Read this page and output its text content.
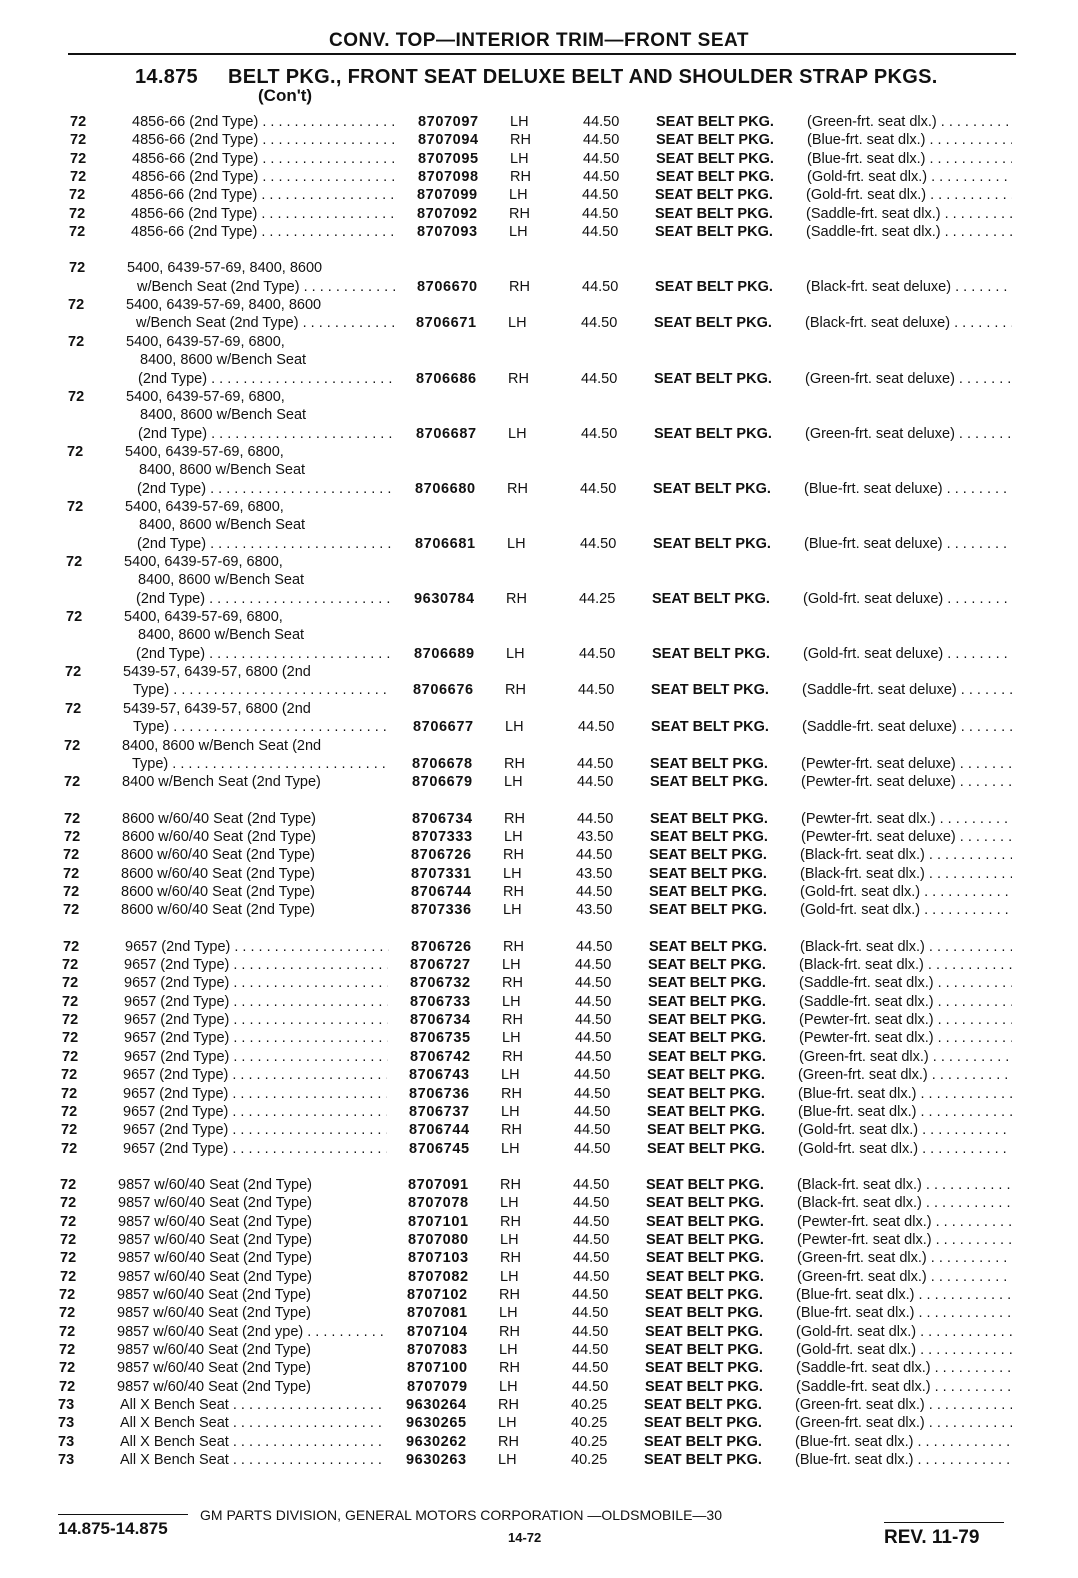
CONV. TOP—INTERIOR TRIM—FRONT SEAT
14.875 BELT PKG., FRONT SEAT DELUXE BELT AND SHOULDER STRAP PKGS.
(Con't)
72	4856-66 (2nd Type) . . .	8707097 LH	44.50	SEAT BELT PKG. (Green-frt. seat dlx.) . . .
72	4856-66 (2nd Type) . . .	8707094 RH	44.50	SEAT BELT PKG. (Blue-frt. seat dlx.) . . .
72	4856-66 (2nd Type) . . .	8707095 LH	44.50	SEAT BELT PKG. (Blue-frt. seat dlx.) . . .
72	4856-66 (2nd Type) . . .	8707098 RH	44.50	SEAT BELT PKG. (Gold-frt. seat dlx.) . . .
72	4856-66 (2nd Type) . . .	8707099 LH	44.50	SEAT BELT PKG. (Gold-frt. seat dlx.) . . .
72	4856-66 (2nd Type) . . .	8707092 RH	44.50	SEAT BELT PKG. (Saddle-frt. seat dlx.) . . .
72	4856-66 (2nd Type) . . .	8707093 LH	44.50	SEAT BELT PKG. (Saddle-frt. seat dlx.) . . .
72	5400, 6439-57-69, 8400, 8600
w/Bench Seat (2nd Type) . . .	8706670 RH	44.50	SEAT BELT PKG. (Black-frt. seat deluxe) . . .
72	5400, 6439-57-69, 8400, 8600
w/Bench Seat (2nd Type) . . .	8706671 LH	44.50	SEAT BELT PKG. (Black-frt. seat deluxe) . . .
72	5400, 6439-57-69, 6800,
8400, 8600 w/Bench Seat
(2nd Type) . . .	8706686 RH	44.50	SEAT BELT PKG. (Green-frt. seat deluxe) . . .
72	5400, 6439-57-69, 6800,
8400, 8600 w/Bench Seat
(2nd Type) . . .	8706687 LH	44.50	SEAT BELT PKG. (Green-frt. seat deluxe) . . .
72	5400, 6439-57-69, 6800,
8400, 8600 w/Bench Seat
(2nd Type) . . .	8706680 RH	44.50	SEAT BELT PKG. (Blue-frt. seat deluxe) . . .
72	5400, 6439-57-69, 6800,
8400, 8600 w/Bench Seat
(2nd Type) . . .	8706681 LH	44.50	SEAT BELT PKG. (Blue-frt. seat deluxe) . . .
72	5400, 6439-57-69, 6800,
8400, 8600 w/Bench Seat
(2nd Type) . . .	9630784 RH	44.25	SEAT BELT PKG. (Gold-frt. seat deluxe) . . .
72	5400, 6439-57-69, 6800,
8400, 8600 w/Bench Seat
(2nd Type) . . .	8706689 LH	44.50	SEAT BELT PKG. (Gold-frt. seat deluxe) . . .
72	5439-57, 6439-57, 6800 (2nd
Type) . . .	8706676 RH	44.50	SEAT BELT PKG. (Saddle-frt. seat deluxe) . . .
72	5439-57, 6439-57, 6800 (2nd
Type) . . .	8706677 LH	44.50	SEAT BELT PKG. (Saddle-frt. seat deluxe) . . .
72	8400, 8600 w/Bench Seat (2nd
Type) . . .	8706678 RH	44.50	SEAT BELT PKG. (Pewter-frt. seat deluxe) . . .
72	8400 w/Bench Seat (2nd Type)	8706679 LH	44.50	SEAT BELT PKG. (Pewter-frt. seat deluxe) . . .
72	8600 w/60/40 Seat (2nd Type)	8706734 RH	44.50	SEAT BELT PKG. (Pewter-frt. seat dlx.) . . .
72	8600 w/60/40 Seat (2nd Type)	8707333 LH	43.50	SEAT BELT PKG. (Pewter-frt. seat deluxe) . . .
72	8600 w/60/40 Seat (2nd Type)	8706726 RH	44.50	SEAT BELT PKG. (Black-frt. seat dlx.) . . .
72	8600 w/60/40 Seat (2nd Type)	8707331 LH	43.50	SEAT BELT PKG. (Black-frt. seat dlx.) . . .
72	8600 w/60/40 Seat (2nd Type)	8706744 RH	44.50	SEAT BELT PKG. (Gold-frt. seat dlx.) . . .
72	8600 w/60/40 Seat (2nd Type)	8707336 LH	43.50	SEAT BELT PKG. (Gold-frt. seat dlx.) . . .
72	9657 (2nd Type) . . .	8706726 RH	44.50	SEAT BELT PKG. (Black-frt. seat dlx.) . . .
72	9657 (2nd Type) . . .	8706727 LH	44.50	SEAT BELT PKG. (Black-frt. seat dlx.) . . .
72	9657 (2nd Type) . . .	8706732 RH	44.50	SEAT BELT PKG. (Saddle-frt. seat dlx.) . . .
72	9657 (2nd Type) . . .	8706733 LH	44.50	SEAT BELT PKG. (Saddle-frt. seat dlx.) . . .
72	9657 (2nd Type) . . .	8706734 RH	44.50	SEAT BELT PKG. (Pewter-frt. seat dlx.) . . .
72	9657 (2nd Type) . . .	8706735 LH	44.50	SEAT BELT PKG. (Pewter-frt. seat dlx.) . . .
72	9657 (2nd Type) . . .	8706742 RH	44.50	SEAT BELT PKG. (Green-frt. seat dlx.) . . .
72	9657 (2nd Type) . . .	8706743 LH	44.50	SEAT BELT PKG. (Green-frt. seat dlx.) . . .
72	9657 (2nd Type) . . .	8706736 RH	44.50	SEAT BELT PKG. (Blue-frt. seat dlx.) . . .
72	9657 (2nd Type) . . .	8706737 LH	44.50	SEAT BELT PKG. (Blue-frt. seat dlx.) . . .
72	9657 (2nd Type) . . .	8706744 RH	44.50	SEAT BELT PKG. (Gold-frt. seat dlx.) . . .
72	9657 (2nd Type) . . .	8706745 LH	44.50	SEAT BELT PKG. (Gold-frt. seat dlx.) . . .
72	9857 w/60/40 Seat (2nd Type)	8707091 RH	44.50	SEAT BELT PKG. (Black-frt. seat dlx.) . . .
72	9857 w/60/40 Seat (2nd Type)	8707078 LH	44.50	SEAT BELT PKG. (Black-frt. seat dlx.) . . .
72	9857 w/60/40 Seat (2nd Type)	8707101 RH	44.50	SEAT BELT PKG. (Pewter-frt. seat dlx.) . . .
72	9857 w/60/40 Seat (2nd Type)	8707080 LH	44.50	SEAT BELT PKG. (Pewter-frt. seat dlx.) . . .
72	9857 w/60/40 Seat (2nd Type)	8707103 RH	44.50	SEAT BELT PKG. (Green-frt. seat dlx.) . . .
72	9857 w/60/40 Seat (2nd Type)	8707082 LH	44.50	SEAT BELT PKG. (Green-frt. seat dlx.) . . .
72	9857 w/60/40 Seat (2nd Type)	8707102 RH	44.50	SEAT BELT PKG. (Blue-frt. seat dlx.) . . .
72	9857 w/60/40 Seat (2nd Type)	8707081 LH	44.50	SEAT BELT PKG. (Blue-frt. seat dlx.) . . .
72	9857 w/60/40 Seat (2nd ype) . . .	8707104 RH	44.50	SEAT BELT PKG. (Gold-frt. seat dlx.) . . .
72	9857 w/60/40 Seat (2nd Type)	8707083 LH	44.50	SEAT BELT PKG. (Gold-frt. seat dlx.) . . .
72	9857 w/60/40 Seat (2nd Type)	8707100 RH	44.50	SEAT BELT PKG. (Saddle-frt. seat dlx.) . . .
72	9857 w/60/40 Seat (2nd Type)	8707079 LH	44.50	SEAT BELT PKG. (Saddle-frt. seat dlx.) . . .
73	All X Bench Seat . . .	9630264 RH	40.25	SEAT BELT PKG. (Green-frt. seat dlx.) . . .
73	All X Bench Seat . . .	9630265 LH	40.25	SEAT BELT PKG. (Green-frt. seat dlx.) . . .
73	All X Bench Seat . . .	9630262 RH	40.25	SEAT BELT PKG. (Blue-frt. seat dlx.) . . .
73	All X Bench Seat . . .	9630263 LH	40.25	SEAT BELT PKG. (Blue-frt. seat dlx.) . . .
GM PARTS DIVISION, GENERAL MOTORS CORPORATION —OLDSMOBILE—30
14.875-14.875	14-72	REV. 11-79
